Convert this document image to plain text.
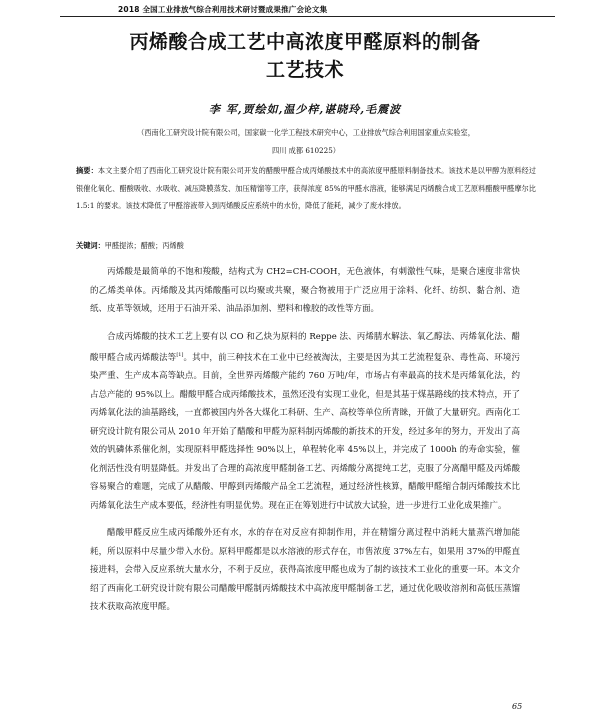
2018 全国工业排放气综合利用技术研讨暨成果推广会论文集
丙烯酸合成工艺中高浓度甲醛原料的制备
工艺技术
李 军,贾绘如,温少梓,谌晓玲,毛震波
（西南化工研究设计院有限公司，国家碳一化学工程技术研究中心，工业排放气综合利用国家重点实验室，
四川 成都 610225）
摘要：本文主要介绍了西南化工研究设计院有限公司开发的醋酸甲醛合成丙烯酸技术中的高浓度甲醛原料制备技术。该技术是以甲醇为原料经过银催化氧化、醋酸吸收、水吸收、减压降膜蒸发、加压精馏等工序，获得浓度 85%的甲醛水溶液，能够满足丙烯酸合成工艺原料醋酸甲醛摩尔比 1.5:1 的要求。该技术降低了甲醛溶液带入到丙烯酸反应系统中的水份，降低了能耗，减少了废水排放。
关键词：甲醛提浓；醋酸；丙烯酸

丙烯酸是最简单的不饱和羧酸，结构式为 CH2=CH-COOH，无色液体，有刺激性气味，是聚合速度非常快的乙烯类单体。丙烯酸及其丙烯酸酯可以均聚或共聚，聚合物被用于广泛应用于涂料、化纤、纺织、黏合剂、造纸、皮革等领域，还用于石油开采、油品添加剂、塑料和橡胶的改性等方面。

合成丙烯酸的技术工艺上要有以 CO 和乙炔为原料的 Reppe 法、丙烯腈水解法、氧乙醇法、丙烯氧化法、醋酸甲醛合成丙烯酸法等[1]。其中，前三种技术在工业中已经被淘汰，主要是因为其工艺流程复杂、毒性高、环境污染严重、生产成本高等缺点。目前，全世界丙烯酸产能约 760 万吨/年，市场占有率最高的技术是丙烯氧化法，约占总产能的 95%以上。醋酸甲醛合成丙烯酸技术，虽然还没有实现工业化，但是其基于煤基路线的技术特点，开了丙烯氧化法的油基路线，一直都被国内外各大煤化工科研、生产、高校等单位所青睐，开做了大量研究。西南化工研究设计院有限公司从 2010 年开始了醋酸和甲醛为原料制丙烯酸的新技术的开发，经过多年的努力，开发出了高效的钒磷体系催化剂，实现原料甲醛选择性 90%以上，单程转化率 45%以上，并完成了 1000h 的寿命实验，催化剂活性没有明显降低。并发出了合理的高浓度甲醛制备工艺、丙烯酸分离提纯工艺，克服了分离醋甲醛及丙烯酸容易聚合的难题，完成了从醋酸、甲醇到丙烯酸产品全工艺流程，通过经济性核算，醋酸甲醛缩合制丙烯酸技术比丙烯氧化法生产成本要低，经济性有明显优势。现在正在筹划进行中试放大试验，进一步进行工业化成果推广。

醋酸甲醛反应生成丙烯酸外还有水，水的存在对反应有抑制作用，并在精馏分离过程中消耗大量蒸汽增加能耗，所以原料中尽量少带入水份。原料甲醛都是以水溶液的形式存在，市售浓度 37%左右，如果用 37%的甲醛直接进料，会带入反应系统大量水分，不利于反应，获得高浓度甲醛也成为了制约该技术工业化的重要一环。本文介绍了西南化工研究设计院有限公司醋酸甲醛制丙烯酸技术中高浓度甲醛制备工艺，通过优化吸收溶剂和高低压蒸馏技术获取高浓度甲醛。

65
